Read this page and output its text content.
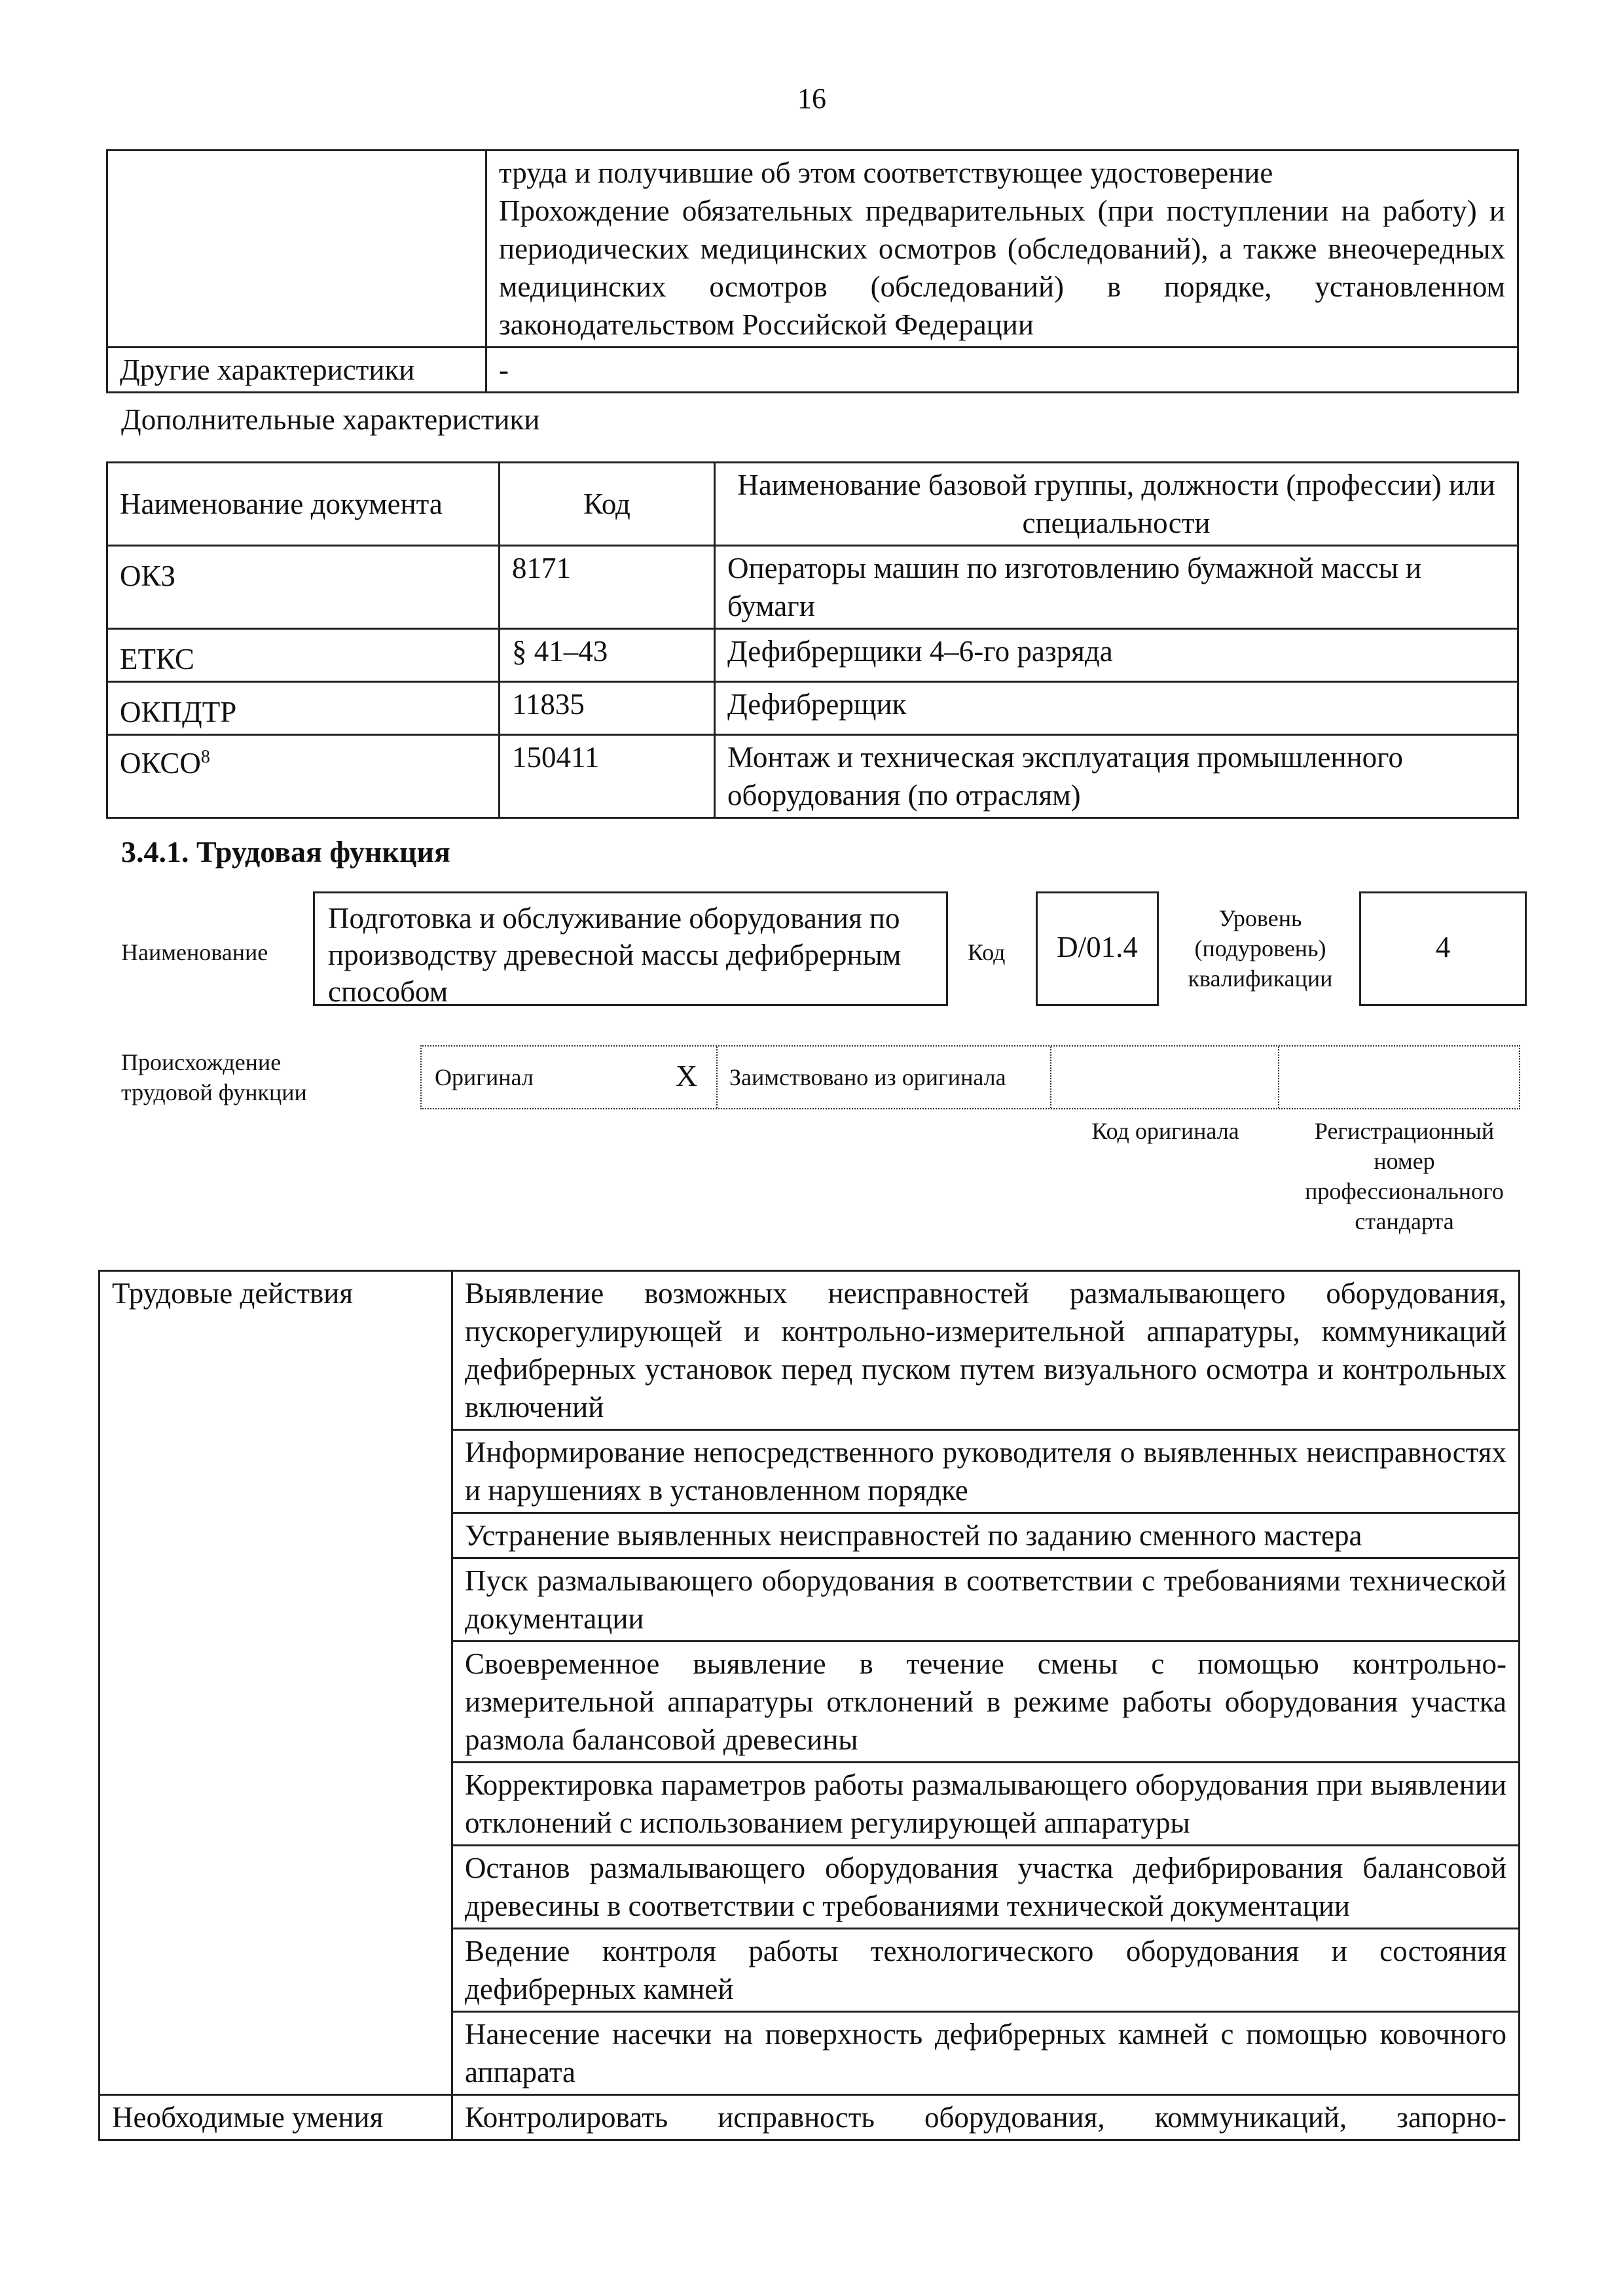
16

	труда и получившие об этом соответствующее удостоверение
Прохождение обязательных предварительных (при поступлении на работу) и периодических медицинских осмотров (обследований), а также внеочередных медицинских осмотров (обследований) в порядке, установленном законодательством Российской Федерации

Другие характеристики	-
Дополнительные характеристики
Наименование документа	Код	Наименование базовой группы, должности (профессии) или специальности
ОКЗ	8171	Операторы машин по изготовлению бумажной массы и бумаги
ЕТКС	§ 41–43	Дефибрерщики 4–6-го разряда
ОКПДТР	11835	Дефибрерщик
ОКСО$^8$	150411	Монтаж и техническая эксплуатация промышленного оборудования (по отраслям)
3.4.1. Трудовая функция
Наименование
Подготовка и обслуживание оборудования по производству древесной массы дефибрерным способом
Код	D/01.4
Уровень (подуровень) квалификации
4
Происхождение трудовой функции
Оригинал	X Заимствовано из оригинала
Код оригинала	Регистрационный номер профессионального стандарта
Трудовые действия	Выявление возможных неисправностей размалывающего оборудования, пускорегулирующей и контрольно-измерительной аппаратуры, коммуникаций дефибрерных установок перед пуском путем визуального осмотра и контрольных включений
	Информирование непосредственного руководителя о выявленных неисправностях и нарушениях в установленном порядке
	Устранение выявленных неисправностей по заданию сменного мастера
	Пуск размалывающего оборудования в соответствии с требованиями технической документации
	Своевременное выявление в течение смены с помощью контрольно-измерительной аппаратуры отклонений в режиме работы оборудования участка размола балансовой древесины
	Корректировка параметров работы размалывающего оборудования при выявлении отклонений с использованием регулирующей аппаратуры
	Останов размалывающего оборудования участка дефибрирования балансовой древесины в соответствии с требованиями технической документации
	Ведение контроля работы технологического оборудования и состояния дефибрерных камней
	Нанесение насечки на поверхность дефибрерных камней с помощью ковочного аппарата
Необходимые умения	Контролировать исправность оборудования, коммуникаций, запорно-
